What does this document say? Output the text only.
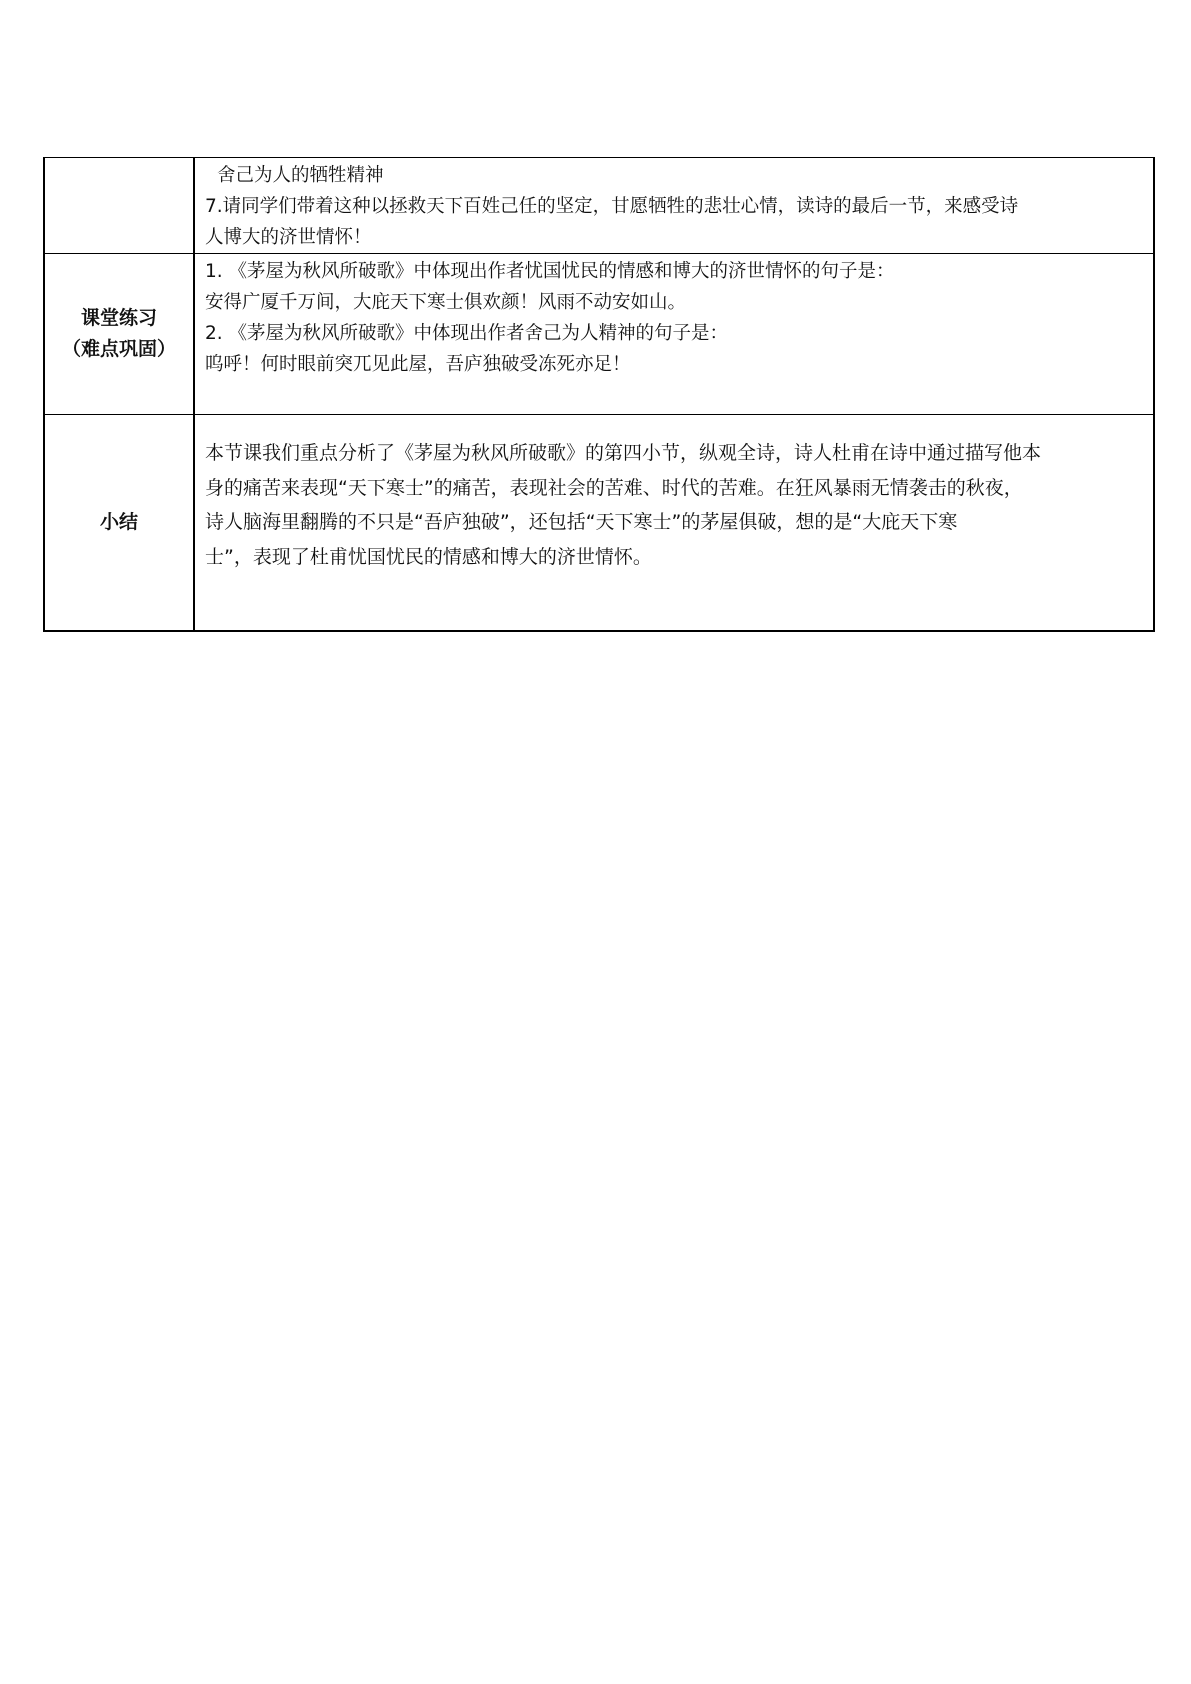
	舍己为人的牺牲精神
7.请同学们带着这种以拯救天下百姓己任的坚定，甘愿牺牲的悲壮心情，读诗的最后一节，来感受诗
人博大的济世情怀！

课堂练习
（难点巩固）	1. 《茅屋为秋风所破歌》中体现出作者忧国忧民的情感和博大的济世情怀的句子是：
安得广厦千万间，大庇天下寒士俱欢颜！风雨不动安如山。
2. 《茅屋为秋风所破歌》中体现出作者舍己为人精神的句子是：
呜呼！何时眼前突兀见此屋，吾庐独破受冻死亦足！

小结	本节课我们重点分析了《茅屋为秋风所破歌》的第四小节，纵观全诗，诗人杜甫在诗中通过描写他本
身的痛苦来表现“天下寒士”的痛苦，表现社会的苦难、时代的苦难。在狂风暴雨无情袭击的秋夜，
诗人脑海里翻腾的不只是“吾庐独破”，还包括“天下寒士”的茅屋俱破，想的是“大庇天下寒
士”，表现了杜甫忧国忧民的情感和博大的济世情怀。
